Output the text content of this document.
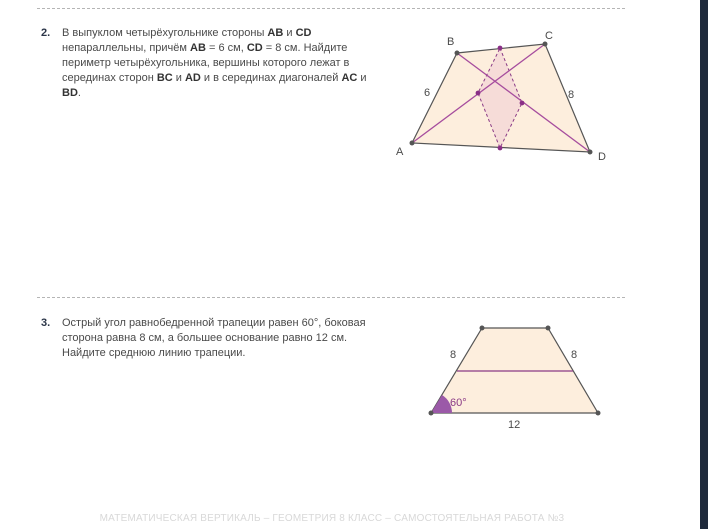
2. В выпуклом четырёхугольнике стороны AB и CD непараллельны, причём AB = 6 см, CD = 8 см. Найдите периметр четырёхугольника, вершины которого лежат в серединах сторон BC и AD и в серединах диагоналей AC и BD.
A
B	C
D
6	8
3. Острый угол равнобедренной трапеции равен 60°, боковая сторона равна 8 см, а большее основание равно 12 см. Найдите среднюю линию трапеции.	8	8
12
60°
МАТЕМАТИЧЕСКАЯ ВЕРТИКАЛЬ – ГЕОМЕТРИЯ 8 КЛАСС – САМОСТОЯТЕЛЬНАЯ РАБОТА №3
